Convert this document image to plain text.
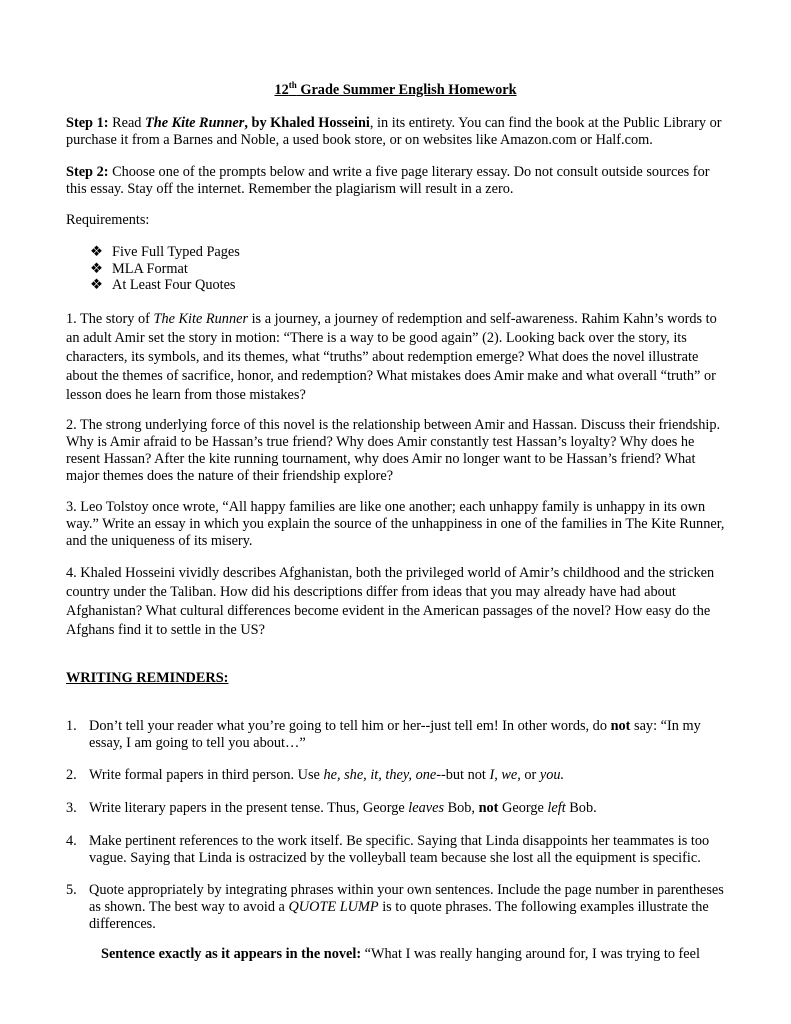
12th Grade Summer English Homework
Step 1: Read The Kite Runner, by Khaled Hosseini, in its entirety. You can find the book at the Public Library or purchase it from a Barnes and Noble, a used book store, or on websites like Amazon.com or Half.com.
Step 2: Choose one of the prompts below and write a five page literary essay. Do not consult outside sources for this essay. Stay off the internet. Remember the plagiarism will result in a zero.
Requirements:
❖ Five Full Typed Pages
❖ MLA Format
❖ At Least Four Quotes
1. The story of The Kite Runner is a journey, a journey of redemption and self-awareness. Rahim Kahn’s words to an adult Amir set the story in motion: “There is a way to be good again” (2). Looking back over the story, its characters, its symbols, and its themes, what “truths” about redemption emerge? What does the novel illustrate about the themes of sacrifice, honor, and redemption? What mistakes does Amir make and what overall “truth” or lesson does he learn from those mistakes?
2. The strong underlying force of this novel is the relationship between Amir and Hassan. Discuss their friendship. Why is Amir afraid to be Hassan’s true friend? Why does Amir constantly test Hassan’s loyalty? Why does he resent Hassan? After the kite running tournament, why does Amir no longer want to be Hassan’s friend? What major themes does the nature of their friendship explore?
3. Leo Tolstoy once wrote, “All happy families are like one another; each unhappy family is unhappy in its own way.” Write an essay in which you explain the source of the unhappiness in one of the families in The Kite Runner, and the uniqueness of its misery.
4. Khaled Hosseini vividly describes Afghanistan, both the privileged world of Amir’s childhood and the stricken country under the Taliban. How did his descriptions differ from ideas that you may already have had about Afghanistan? What cultural differences become evident in the American passages of the novel? How easy do the Afghans find it to settle in the US?
WRITING REMINDERS:
1. Don’t tell your reader what you’re going to tell him or her--just tell em! In other words, do not say: “In my essay, I am going to tell you about…”
2. Write formal papers in third person. Use he, she, it, they, one--but not I, we, or you.
3. Write literary papers in the present tense. Thus, George leaves Bob, not George left Bob.
4. Make pertinent references to the work itself. Be specific. Saying that Linda disappoints her teammates is too vague. Saying that Linda is ostracized by the volleyball team because she lost all the equipment is specific.
5. Quote appropriately by integrating phrases within your own sentences. Include the page number in parentheses as shown. The best way to avoid a QUOTE LUMP is to quote phrases. The following examples illustrate the differences.
Sentence exactly as it appears in the novel: “What I was really hanging around for, I was trying to feel
